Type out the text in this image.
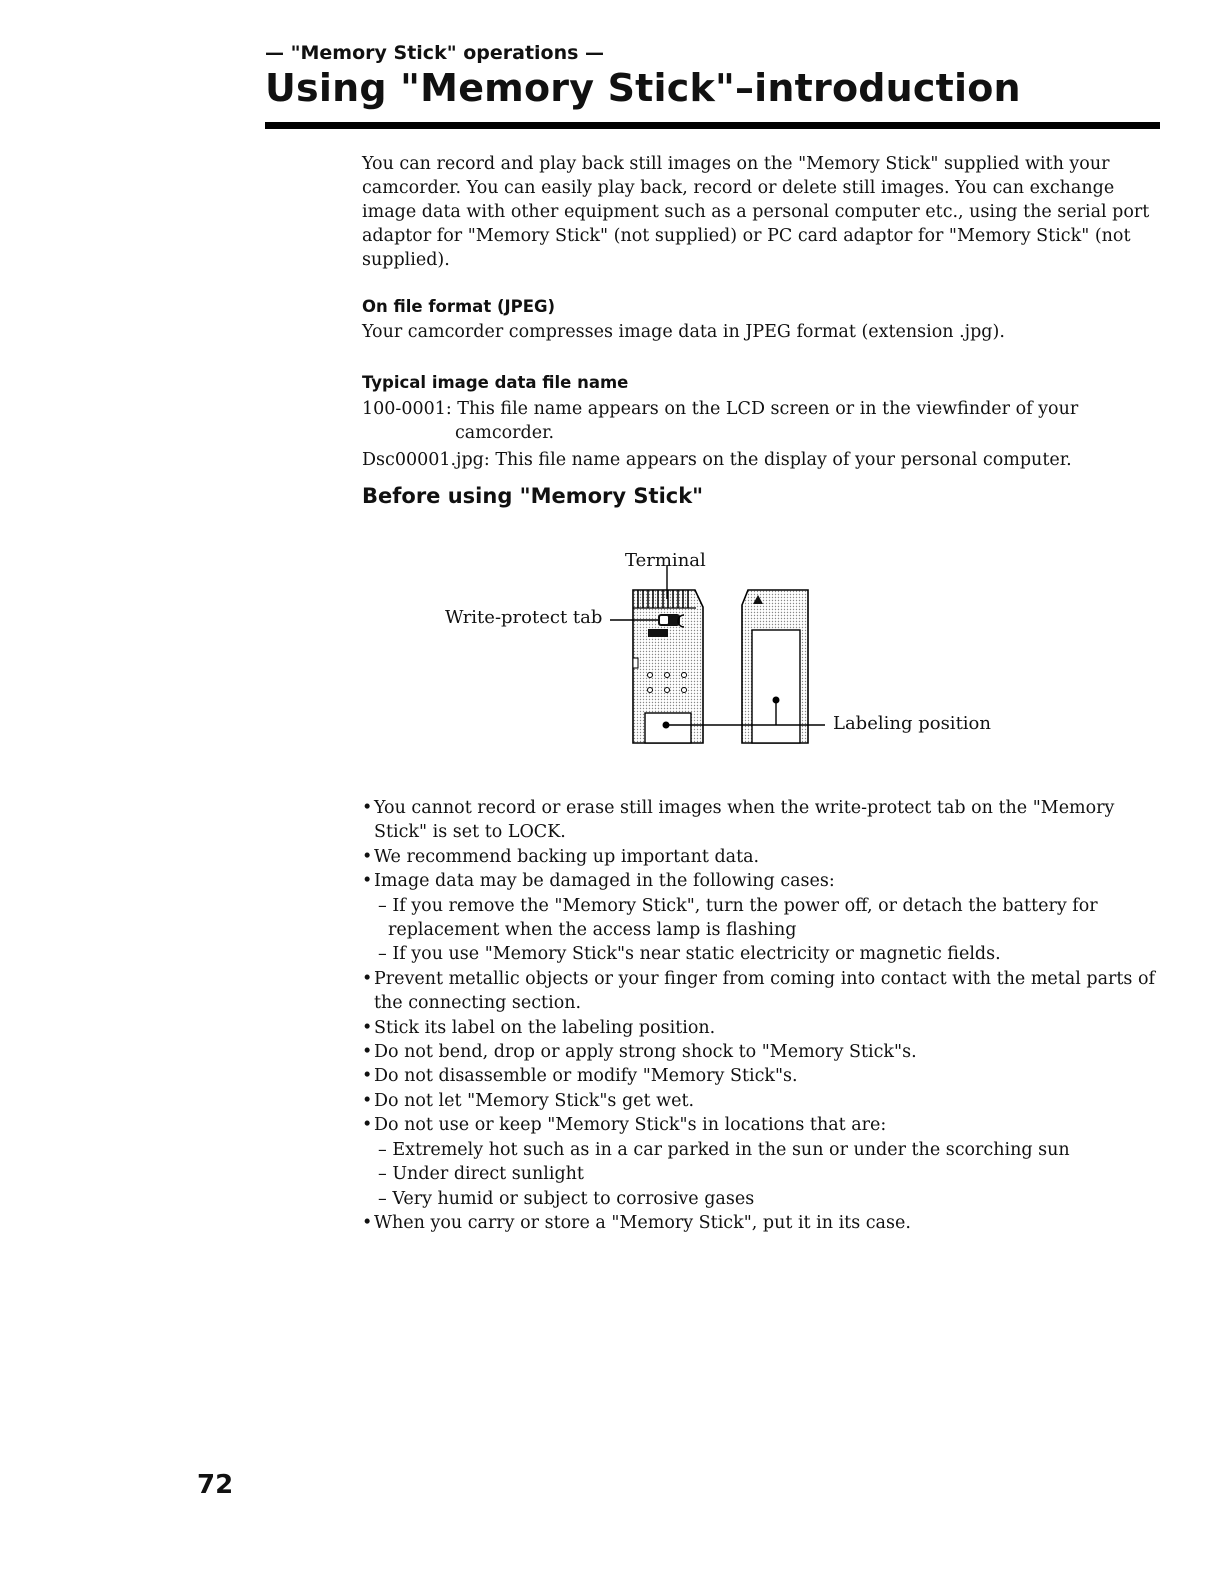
— "Memory Stick" operations —
Using "Memory Stick"–introduction
You can record and play back still images on the "Memory Stick" supplied with your camcorder. You can easily play back, record or delete still images. You can exchange image data with other equipment such as a personal computer etc., using the serial port adaptor for "Memory Stick" (not supplied) or PC card adaptor for "Memory Stick" (not supplied).
On file format (JPEG)
Your camcorder compresses image data in JPEG format (extension .jpg).
Typical image data file name
100-0001: This file name appears on the LCD screen or in the viewfinder of your
camcorder.
Dsc00001.jpg: This file name appears on the display of your personal computer.
Before using "Memory Stick"
Terminal
Write-protect tab
Labeling position
• You cannot record or erase still images when the write-protect tab on the "Memory Stick" is set to LOCK.
• We recommend backing up important data.
• Image data may be damaged in the following cases:
– If you remove the "Memory Stick", turn the power off, or detach the battery for replacement when the access lamp is flashing
– If you use "Memory Stick"s near static electricity or magnetic fields.
• Prevent metallic objects or your finger from coming into contact with the metal parts of the connecting section.
• Stick its label on the labeling position.
• Do not bend, drop or apply strong shock to "Memory Stick"s.
• Do not disassemble or modify "Memory Stick"s.
• Do not let "Memory Stick"s get wet.
• Do not use or keep "Memory Stick"s in locations that are:
– Extremely hot such as in a car parked in the sun or under the scorching sun
– Under direct sunlight
– Very humid or subject to corrosive gases
• When you carry or store a "Memory Stick", put it in its case.
72
